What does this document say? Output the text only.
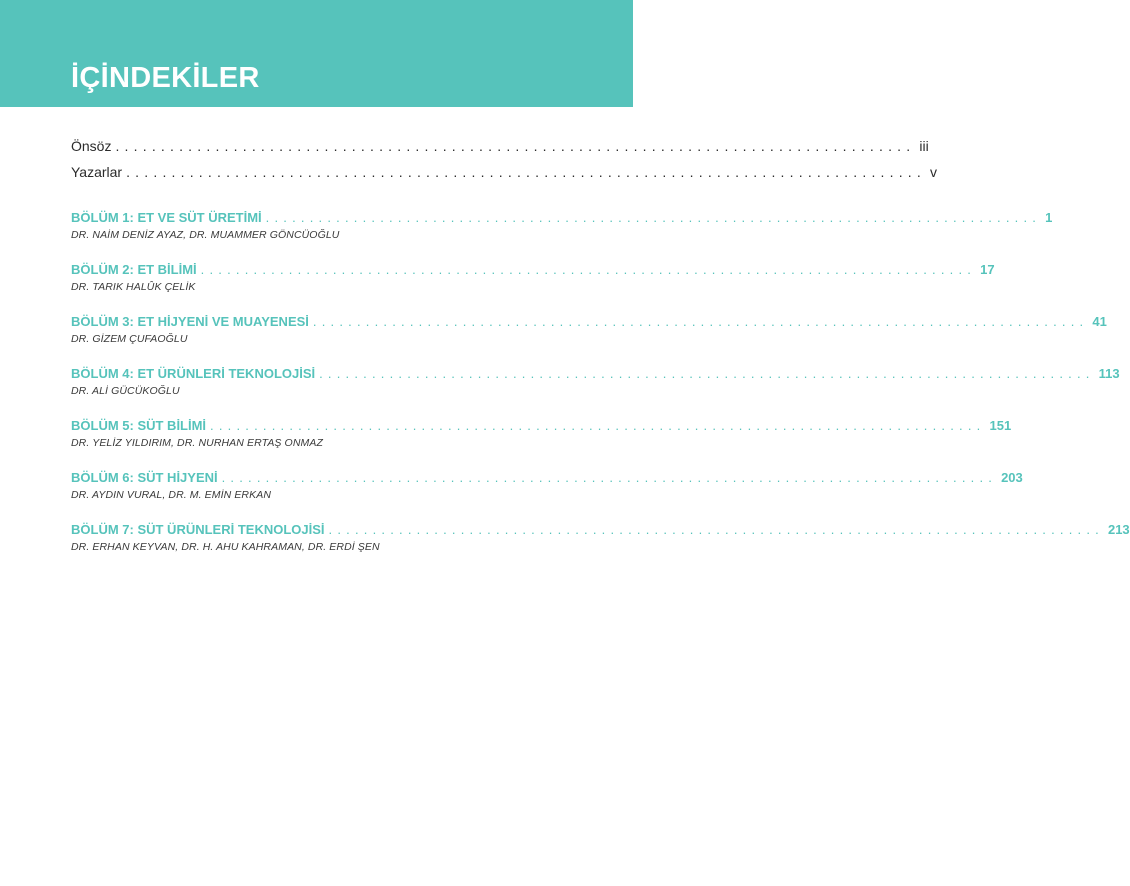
İÇİNDEKİLER
Önsöz ........................................................................................ iii
Yazarlar ........................................................................................ v
BÖLÜM 1: ET VE SÜT ÜRETİMİ ........................................................................................ 1
DR. NAİM DENİZ AYAZ, DR. MUAMMER GÖNCÜOĞLU
BÖLÜM 2: ET BİLİMİ ........................................................................................ 17
DR. TARIK HALÛK ÇELİK
BÖLÜM 3: ET HİJYENİ VE MUAYENESİ ........................................................................................ 41
DR. GİZEM ÇUFAOĞLU
BÖLÜM 4: ET ÜRÜNLERİ TEKNOLOJİSİ ........................................................................................ 113
DR. ALİ GÜCÜKOĞLU
BÖLÜM 5: SÜT BİLİMİ ........................................................................................ 151
DR. YELİZ YILDIRIM, DR. NURHAN ERTAŞ ONMAZ
BÖLÜM 6: SÜT HİJYENİ ........................................................................................ 203
DR. AYDIN VURAL, DR. M. EMİN ERKAN
BÖLÜM 7: SÜT ÜRÜNLERİ TEKNOLOJİSİ ........................................................................................ 213
DR. ERHAN KEYVAN, DR. H. AHU KAHRAMAN, DR. ERDİ ŞEN
